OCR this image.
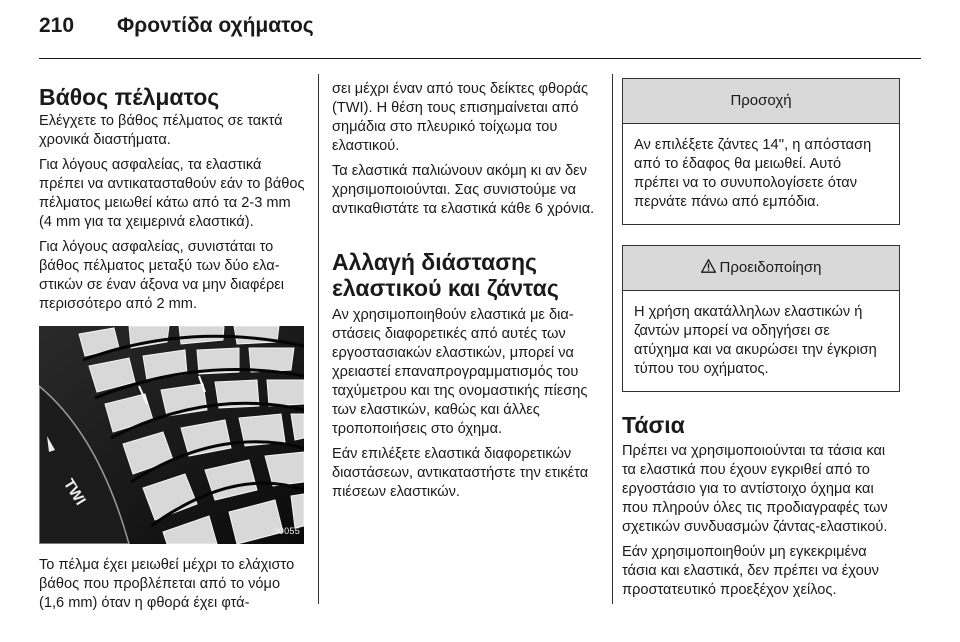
210 Φροντίδα οχήματος
Βάθος πέλματος

Ελέγχετε το βάθος πέλματος σε τακτά χρονικά διαστήματα.

Για λόγους ασφαλείας, τα ελαστικά πρέπει να αντικατασταθούν εάν το βάθος πέλματος μειωθεί κάτω από τα 2-3 mm (4 mm για τα χειμερινά ελαστικά).

Για λόγους ασφαλείας, συνιστάται το βάθος πέλματος μεταξύ των δύο ελαστικών σε έναν άξονα να μην διαφέρει περισσότερο από 2 mm.

TWI
30055

Το πέλμα έχει μειωθεί μέχρι το ελάχιστο βάθος που προβλέπεται από το νόμο (1,6 mm) όταν η φθορά έχει φτά-

σει μέχρι έναν από τους δείκτες φθοράς (TWI). Η θέση τους επισημαίνεται από σημάδια στο πλευρικό τοίχωμα του ελαστικού.

Τα ελαστικά παλιώνουν ακόμη κι αν δεν χρησιμοποιούνται. Σας συνιστούμε να αντικαθιστάτε τα ελαστικά κάθε 6 χρόνια.

Αλλαγή διάστασης ελαστικού και ζάντας

Αν χρησιμοποιηθούν ελαστικά με διαστάσεις διαφορετικές από αυτές των εργοστασιακών ελαστικών, μπορεί να χρειαστεί επαναπρογραμματισμός του ταχύμετρου και της ονομαστικής πίεσης των ελαστικών, καθώς και άλλες τροποποιήσεις στο όχημα.

Εάν επιλέξετε ελαστικά διαφορετικών διαστάσεων, αντικαταστήστε την ετικέτα πιέσεων ελαστικών.

Προσοχή
Αν επιλέξετε ζάντες 14'', η απόσταση από το έδαφος θα μειωθεί. Αυτό πρέπει να το συνυπολογίσετε όταν περνάτε πάνω από εμπόδια.
Προειδοποίηση
Η χρήση ακατάλληλων ελαστικών ή ζαντών μπορεί να οδηγήσει σε ατύχημα και να ακυρώσει την έγκριση τύπου του οχήματος.
Τάσια

Πρέπει να χρησιμοποιούνται τα τάσια και τα ελαστικά που έχουν εγκριθεί από το εργοστάσιο για το αντίστοιχο όχημα και που πληρούν όλες τις προδιαγραφές των σχετικών συνδυασμών ζάντας-ελαστικού.

Εάν χρησιμοποιηθούν μη εγκεκριμένα τάσια και ελαστικά, δεν πρέπει να έχουν προστατευτικό προεξέχον χείλος.
